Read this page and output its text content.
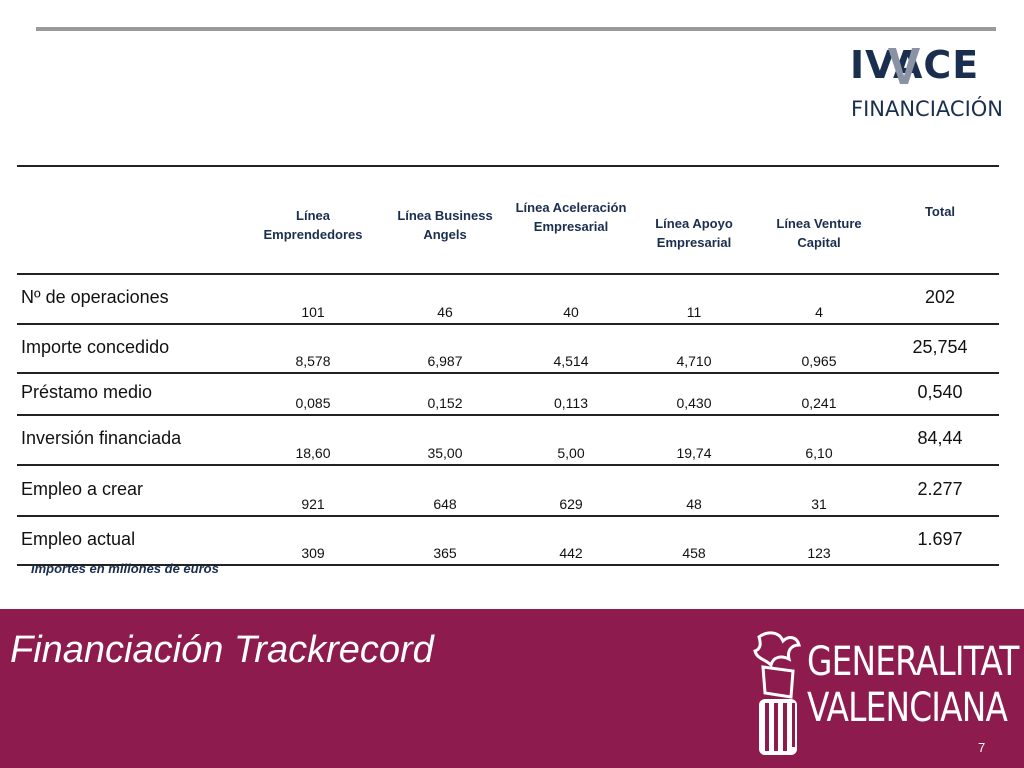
IVACE
FINANCIACIÓN
	Línea Emprendedores	Línea Business Angels	Línea Aceleración Empresarial	Línea Apoyo Empresarial	Línea Venture Capital	Total
Nº de operaciones	101	46	40	11	4	202
Importe concedido	8,578	6,987	4,514	4,710	0,965	25,754
Préstamo medio	0,085	0,152	0,113	0,430	0,241	0,540
Inversión financiada	18,60	35,00	5,00	19,74	6,10	84,44
Empleo a crear	921	648	629	48	31	2.277
Empleo actual	309	365	442	458	123	1.697
Importes en millones de euros
Financiación Trackrecord	GENERALITAT
VALENCIANA
7
